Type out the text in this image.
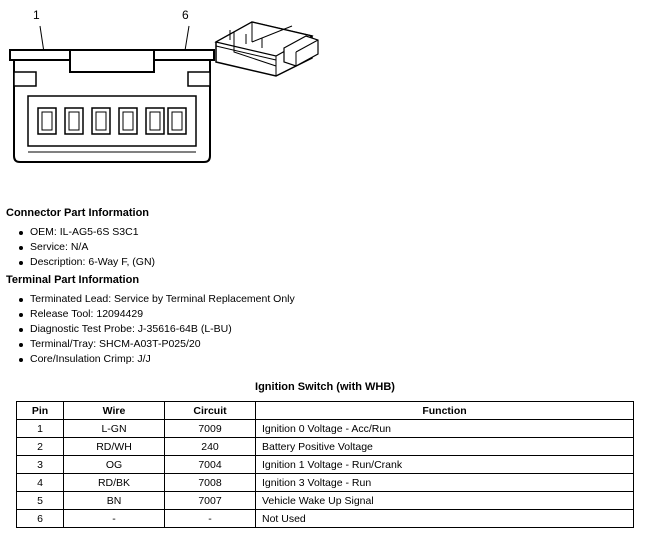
1	6
Connector Part Information
OEM: IL-AG5-6S S3C1
Service: N/A
Description: 6-Way F, (GN)
Terminal Part Information
Terminated Lead: Service by Terminal Replacement Only
Release Tool: 12094429
Diagnostic Test Probe: J-35616-64B (L-BU)
Terminal/Tray: SHCM-A03T-P025/20
Core/Insulation Crimp: J/J
Ignition Switch (with WHB)
Pin	Wire	Circuit	Function
1	L-GN	7009	Ignition 0 Voltage - Acc/Run
2	RD/WH	240	Battery Positive Voltage
3	OG	7004	Ignition 1 Voltage - Run/Crank
4	RD/BK	7008	Ignition 3 Voltage - Run
5	BN	7007	Vehicle Wake Up Signal
6	-	-	Not Used
